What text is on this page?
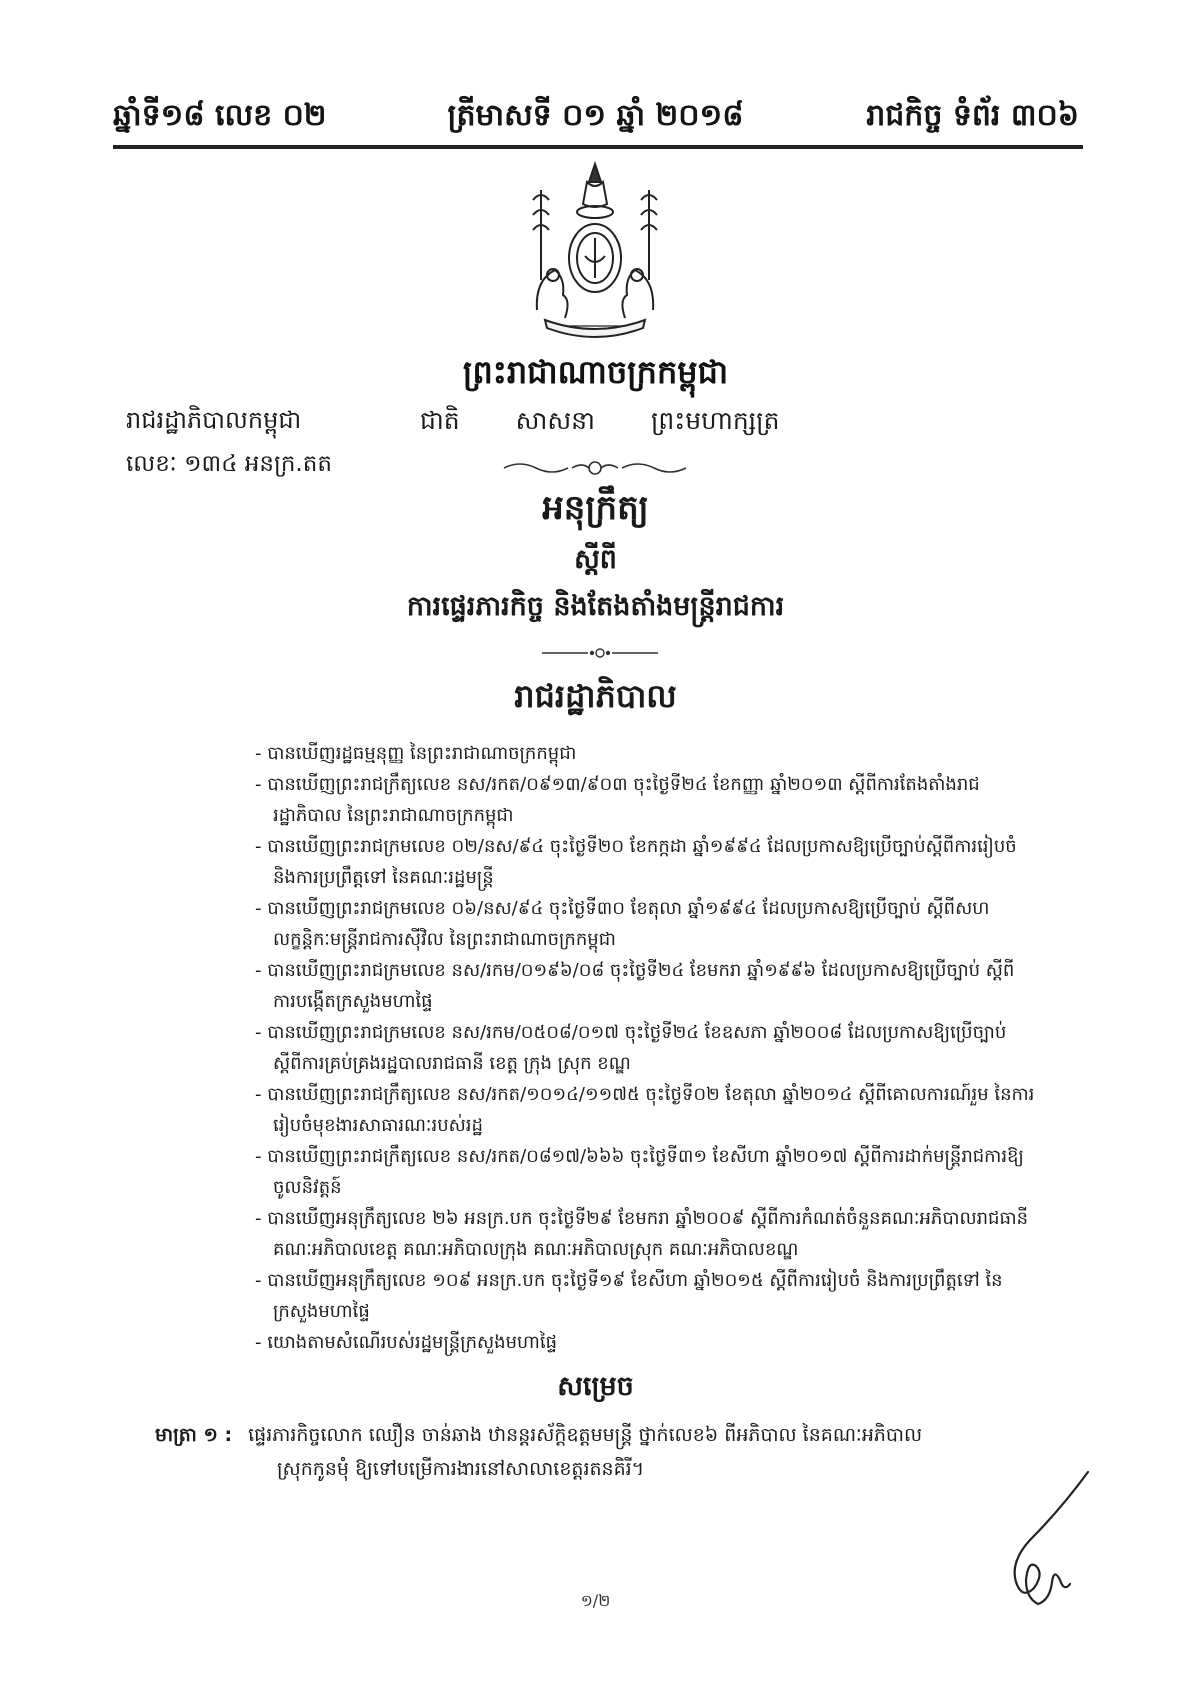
ឆ្នាំទី១៨ លេខ ០២	ត្រីមាសទី ០១ ឆ្នាំ ២០១៨	រាជកិច្ច ទំព័រ ៣០៦
ព្រះរាជាណាចក្រកម្ពុជា
រាជរដ្ឋាភិបាលកម្ពុជា
លេខៈ ១៣៤ អនក្រ.តត
ជាតិ សាសនា ព្រះមហាក្សត្រ
អនុក្រឹត្យ
ស្តីពី
ការផ្ទេរភារកិច្ច និងតែងតាំងមន្ត្រីរាជការ
រាជរដ្ឋាភិបាល
- បានឃើញរដ្ឋធម្មនុញ្ញ នៃព្រះរាជាណាចក្រកម្ពុជា
- បានឃើញព្រះរាជក្រឹត្យលេខ នស/រកត/០៩១៣/៩០៣ ចុះថ្ងៃទី២៤ ខែកញ្ញា ឆ្នាំ២០១៣ ស្តីពីការតែងតាំងរាជរដ្ឋាភិបាល នៃព្រះរាជាណាចក្រកម្ពុជា
- បានឃើញព្រះរាជក្រមលេខ ០២/នស/៩៤ ចុះថ្ងៃទី២០ ខែកក្កដា ឆ្នាំ១៩៩៤ ដែលប្រកាសឱ្យប្រើច្បាប់ស្តីពីការរៀបចំ និងការប្រព្រឹត្តទៅ នៃគណៈរដ្ឋមន្ត្រី
- បានឃើញព្រះរាជក្រមលេខ ០៦/នស/៩៤ ចុះថ្ងៃទី៣០ ខែតុលា ឆ្នាំ១៩៩៤ ដែលប្រកាសឱ្យប្រើច្បាប់ ស្តីពីសហលក្ខន្តិកៈមន្ត្រីរាជការស៊ីវិល នៃព្រះរាជាណាចក្រកម្ពុជា
- បានឃើញព្រះរាជក្រមលេខ នស/រកម/០១៩៦/០៨ ចុះថ្ងៃទី២៤ ខែមករា ឆ្នាំ១៩៩៦ ដែលប្រកាសឱ្យប្រើច្បាប់ ស្តីពីការបង្កើតក្រសួងមហាផ្ទៃ
- បានឃើញព្រះរាជក្រមលេខ នស/រកម/០៥០៨/០១៧ ចុះថ្ងៃទី២៤ ខែឧសភា ឆ្នាំ២០០៨ ដែលប្រកាសឱ្យប្រើច្បាប់ ស្តីពីការគ្រប់គ្រងរដ្ឋបាលរាជធានី ខេត្ត ក្រុង ស្រុក ខណ្ឌ
- បានឃើញព្រះរាជក្រឹត្យលេខ នស/រកត/១០១៤/១១៧៥ ចុះថ្ងៃទី០២ ខែតុលា ឆ្នាំ២០១៤ ស្តីពីគោលការណ៍រួម នៃការរៀបចំមុខងារសាធារណៈរបស់រដ្ឋ
- បានឃើញព្រះរាជក្រឹត្យលេខ នស/រកត/០៨១៧/៦៦៦ ចុះថ្ងៃទី៣១ ខែសីហា ឆ្នាំ២០១៧ ស្តីពីការដាក់មន្ត្រីរាជការឱ្យចូលនិវត្តន៍
- បានឃើញអនុក្រឹត្យលេខ ២៦ អនក្រ.បក ចុះថ្ងៃទី២៩ ខែមករា ឆ្នាំ២០០៩ ស្តីពីការកំណត់ចំនួនគណៈអភិបាលរាជធានី គណៈអភិបាលខេត្ត គណៈអភិបាលក្រុង គណៈអភិបាលស្រុក គណៈអភិបាលខណ្ឌ
- បានឃើញអនុក្រឹត្យលេខ ១០៩ អនក្រ.បក ចុះថ្ងៃទី១៩ ខែសីហា ឆ្នាំ២០១៥ ស្តីពីការរៀបចំ និងការប្រព្រឹត្តទៅ នៃក្រសួងមហាផ្ទៃ
- យោងតាមសំណើរបស់រដ្ឋមន្ត្រីក្រសួងមហាផ្ទៃ
សម្រេច
មាត្រា ១ : ផ្ទេរភារកិច្ចលោក ឈឿន ចាន់ឆាង ឋានន្តរស័ក្តិឧត្តមមន្ត្រី ថ្នាក់លេខ៦ ពីអភិបាល នៃគណៈអភិបាល
ស្រុកកូនមុំ ឱ្យទៅបម្រើការងារនៅសាលាខេត្តរតនគិរី។
១/២
